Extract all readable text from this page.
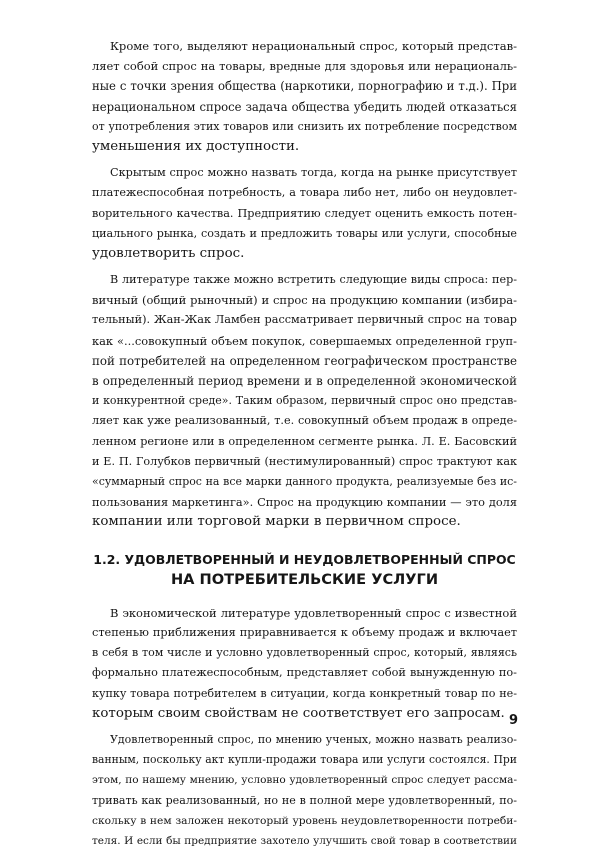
Кроме того, выделяют нерациональный спрос, который представ-
ляет собой спрос на товары, вредные для здоровья или нерациональ-
ные с точки зрения общества (наркотики, порнографию и т.д.). При
нерациональном спросе задача общества убедить людей отказаться
от употребления этих товаров или снизить их потребление посредством
уменьшения их доступности.
Скрытым спрос можно назвать тогда, когда на рынке присутствует
платежеспособная потребность, а товара либо нет, либо он неудовлет-
ворительного качества. Предприятию следует оценить емкость потен-
циального рынка, создать и предложить товары или услуги, способные
удовлетворить спрос.
В литературе также можно встретить следующие виды спроса: пер-
вичный (общий рыночный) и спрос на продукцию компании (избира-
тельный). Жан-Жак Ламбен рассматривает первичный спрос на товар
как «...совокупный объем покупок, совершаемых определенной груп-
пой потребителей на определенном географическом пространстве
в определенный период времени и в определенной экономической
и конкурентной среде». Таким образом, первичный спрос оно представ-
ляет как уже реализованный, т.е. совокупный объем продаж в опреде-
ленном регионе или в определенном сегменте рынка. Л. Е. Басовский
и Е. П. Голубков первичный (нестимулированный) спрос трактуют как
«суммарный спрос на все марки данного продукта, реализуемые без ис-
пользования маркетинга». Спрос на продукцию компании — это доля
компании или торговой марки в первичном спросе.
1.2. УДОВЛЕТВОРЕННЫЙ И НЕУДОВЛЕТВОРЕННЫЙ СПРОС
НА ПОТРЕБИТЕЛЬСКИЕ УСЛУГИ
В экономической литературе удовлетворенный спрос с известной
степенью приближения приравнивается к объему продаж и включает
в себя в том числе и условно удовлетворенный спрос, который, являясь
формально платежеспособным, представляет собой вынужденную по-
купку товара потребителем в ситуации, когда конкретный товар по не-
которым своим свойствам не соответствует его запросам.
Удовлетворенный спрос, по мнению ученых, можно назвать реализо-
ванным, поскольку акт купли-продажи товара или услуги состоялся. При
этом, по нашему мнению, условно удовлетворенный спрос следует рассма-
тривать как реализованный, но не в полной мере удовлетворенный, по-
скольку в нем заложен некоторый уровень неудовлетворенности потреби-
теля. И если бы предприятие захотело улучшить свой товар в соответствии
9
